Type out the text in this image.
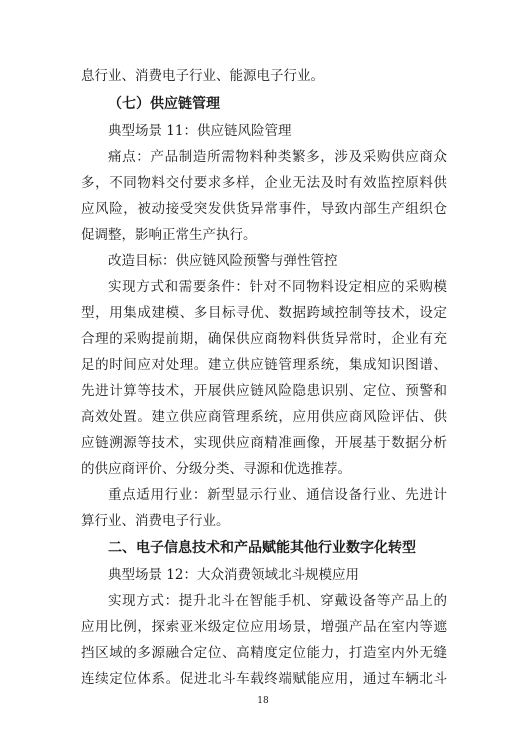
息行业、消费电子行业、能源电子行业。
（七）供应链管理
典型场景 11：供应链风险管理
痛点：产品制造所需物料种类繁多，涉及采购供应商众
多，不同物料交付要求多样，企业无法及时有效监控原料供
应风险，被动接受突发供货异常事件，导致内部生产组织仓
促调整，影响正常生产执行。
改造目标：供应链风险预警与弹性管控
实现方式和需要条件：针对不同物料设定相应的采购模
型，用集成建模、多目标寻优、数据跨域控制等技术，设定
合理的采购提前期，确保供应商物料供货异常时，企业有充
足的时间应对处理。建立供应链管理系统，集成知识图谱、
先进计算等技术，开展供应链风险隐患识别、定位、预警和
高效处置。建立供应商管理系统，应用供应商风险评估、供
应链溯源等技术，实现供应商精准画像，开展基于数据分析
的供应商评价、分级分类、寻源和优选推荐。
重点适用行业：新型显示行业、通信设备行业、先进计
算行业、消费电子行业。
二、电子信息技术和产品赋能其他行业数字化转型
典型场景 12：大众消费领域北斗规模应用
实现方式：提升北斗在智能手机、穿戴设备等产品上的
应用比例，探索亚米级定位应用场景，增强产品在室内等遮
挡区域的多源融合定位、高精度定位能力，打造室内外无缝
连续定位体系。促进北斗车载终端赋能应用，通过车辆北斗
18
